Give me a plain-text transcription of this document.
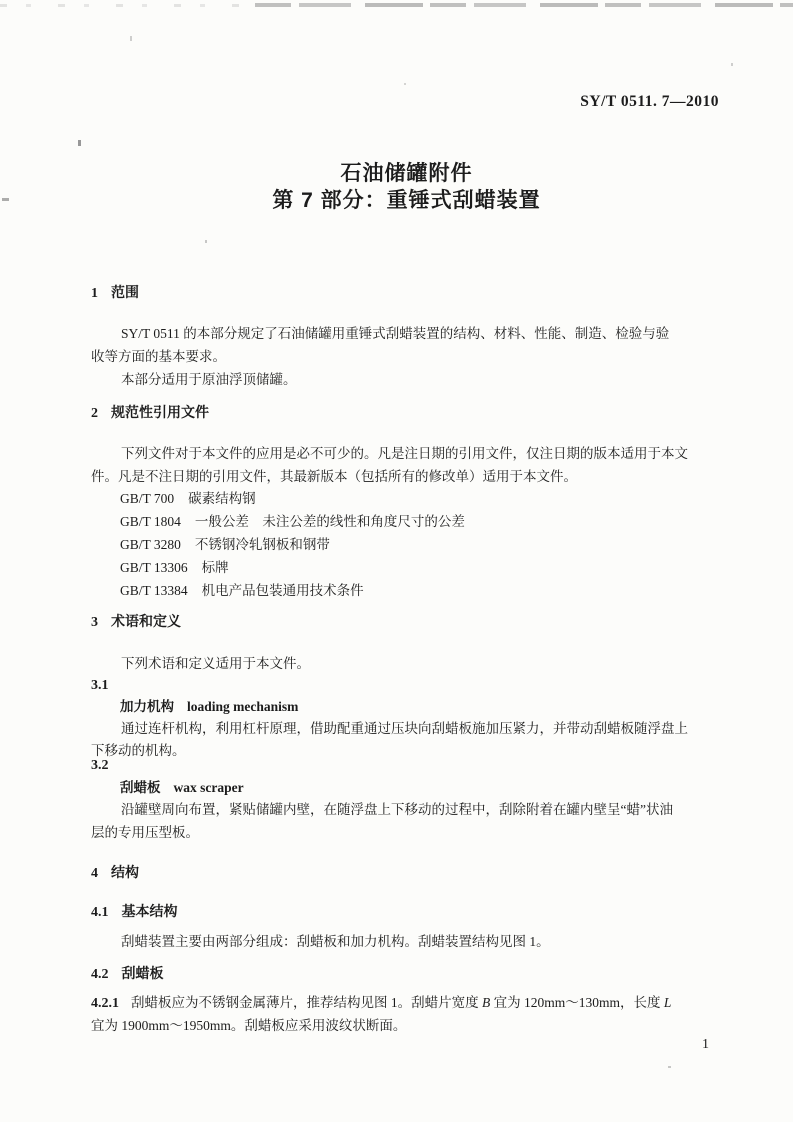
SY/T 0511. 7—2010
石油储罐附件
第 7 部分：重锤式刮蜡装置
1 范围
SY/T 0511 的本部分规定了石油储罐用重锤式刮蜡装置的结构、材料、性能、制造、检验与验
收等方面的基本要求。
本部分适用于原油浮顶储罐。
2 规范性引用文件
下列文件对于本文件的应用是必不可少的。凡是注日期的引用文件，仅注日期的版本适用于本文
件。凡是不注日期的引用文件，其最新版本（包括所有的修改单）适用于本文件。
GB/T 700 碳素结构钢
GB/T 1804 一般公差　未注公差的线性和角度尺寸的公差
GB/T 3280 不锈钢冷轧钢板和钢带
GB/T 13306 标牌
GB/T 13384 机电产品包装通用技术条件
3 术语和定义
下列术语和定义适用于本文件。
3.1
加力机构 loading mechanism
通过连杆机构，利用杠杆原理，借助配重通过压块向刮蜡板施加压紧力，并带动刮蜡板随浮盘上
下移动的机构。
3.2
刮蜡板 wax scraper
沿罐壁周向布置，紧贴储罐内壁，在随浮盘上下移动的过程中，刮除附着在罐内壁呈“蜡”状油
层的专用压型板。
4 结构
4.1 基本结构
刮蜡装置主要由两部分组成：刮蜡板和加力机构。刮蜡装置结构见图 1。
4.2 刮蜡板
4.2.1 刮蜡板应为不锈钢金属薄片，推荐结构见图 1。刮蜡片宽度 B 宜为 120mm～130mm，长度 L
宜为 1900mm～1950mm。刮蜡板应采用波纹状断面。
1
